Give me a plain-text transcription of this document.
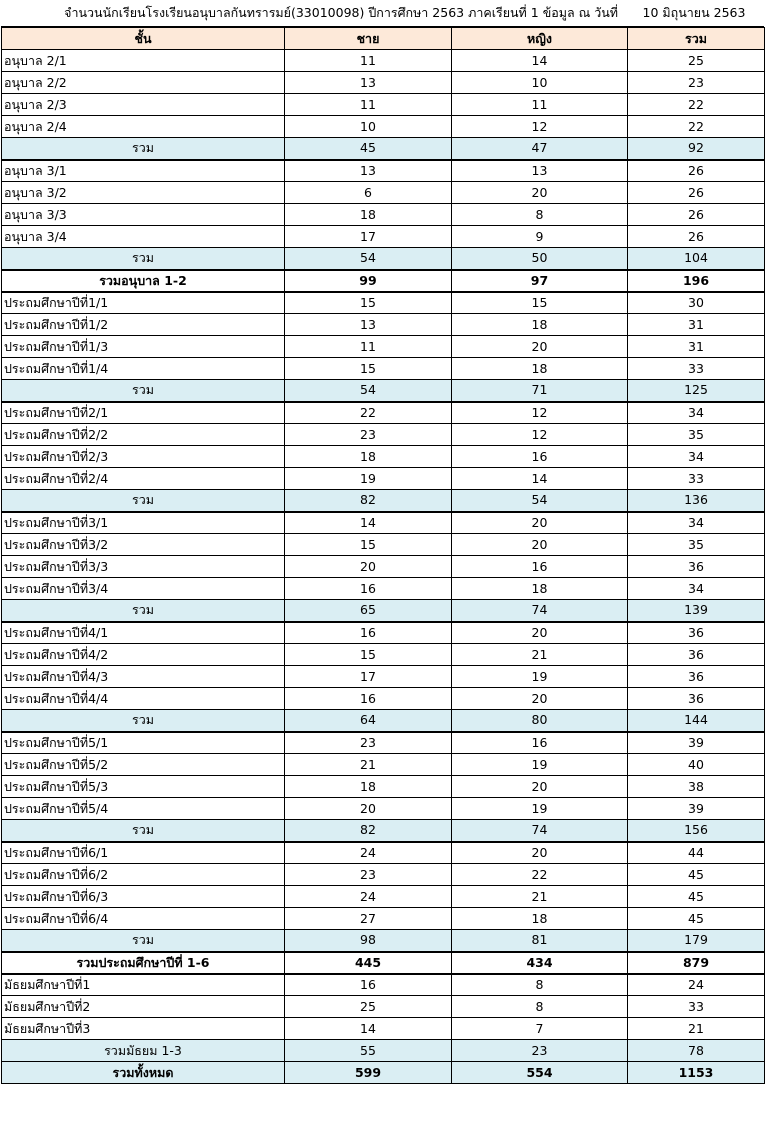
จำนวนนักเรียนโรงเรียนอนุบาลกันทรารมย์(33010098) ปีการศึกษา 2563 ภาคเรียนที่ 1 ข้อมูล ณ วันที่	10 มิถุนายน 2563
ชั้น	ชาย	หญิง	รวม
อนุบาล 2/1	11	14	25
อนุบาล 2/2	13	10	23
อนุบาล 2/3	11	11	22
อนุบาล 2/4	10	12	22
รวม	45	47	92
อนุบาล 3/1	13	13	26
อนุบาล 3/2	6	20	26
อนุบาล 3/3	18	8	26
อนุบาล 3/4	17	9	26
รวม	54	50	104
รวมอนุบาล 1-2	99	97	196
ประถมศึกษาปีที่1/1	15	15	30
ประถมศึกษาปีที่1/2	13	18	31
ประถมศึกษาปีที่1/3	11	20	31
ประถมศึกษาปีที่1/4	15	18	33
รวม	54	71	125
ประถมศึกษาปีที่2/1	22	12	34
ประถมศึกษาปีที่2/2	23	12	35
ประถมศึกษาปีที่2/3	18	16	34
ประถมศึกษาปีที่2/4	19	14	33
รวม	82	54	136
ประถมศึกษาปีที่3/1	14	20	34
ประถมศึกษาปีที่3/2	15	20	35
ประถมศึกษาปีที่3/3	20	16	36
ประถมศึกษาปีที่3/4	16	18	34
รวม	65	74	139
ประถมศึกษาปีที่4/1	16	20	36
ประถมศึกษาปีที่4/2	15	21	36
ประถมศึกษาปีที่4/3	17	19	36
ประถมศึกษาปีที่4/4	16	20	36
รวม	64	80	144
ประถมศึกษาปีที่5/1	23	16	39
ประถมศึกษาปีที่5/2	21	19	40
ประถมศึกษาปีที่5/3	18	20	38
ประถมศึกษาปีที่5/4	20	19	39
รวม	82	74	156
ประถมศึกษาปีที่6/1	24	20	44
ประถมศึกษาปีที่6/2	23	22	45
ประถมศึกษาปีที่6/3	24	21	45
ประถมศึกษาปีที่6/4	27	18	45
รวม	98	81	179
รวมประถมศึกษาปีที่ 1-6	445	434	879
มัธยมศึกษาปีที่1	16	8	24
มัธยมศึกษาปีที่2	25	8	33
มัธยมศึกษาปีที่3	14	7	21
รวมมัธยม 1-3	55	23	78
รวมทั้งหมด	599	554	1153
